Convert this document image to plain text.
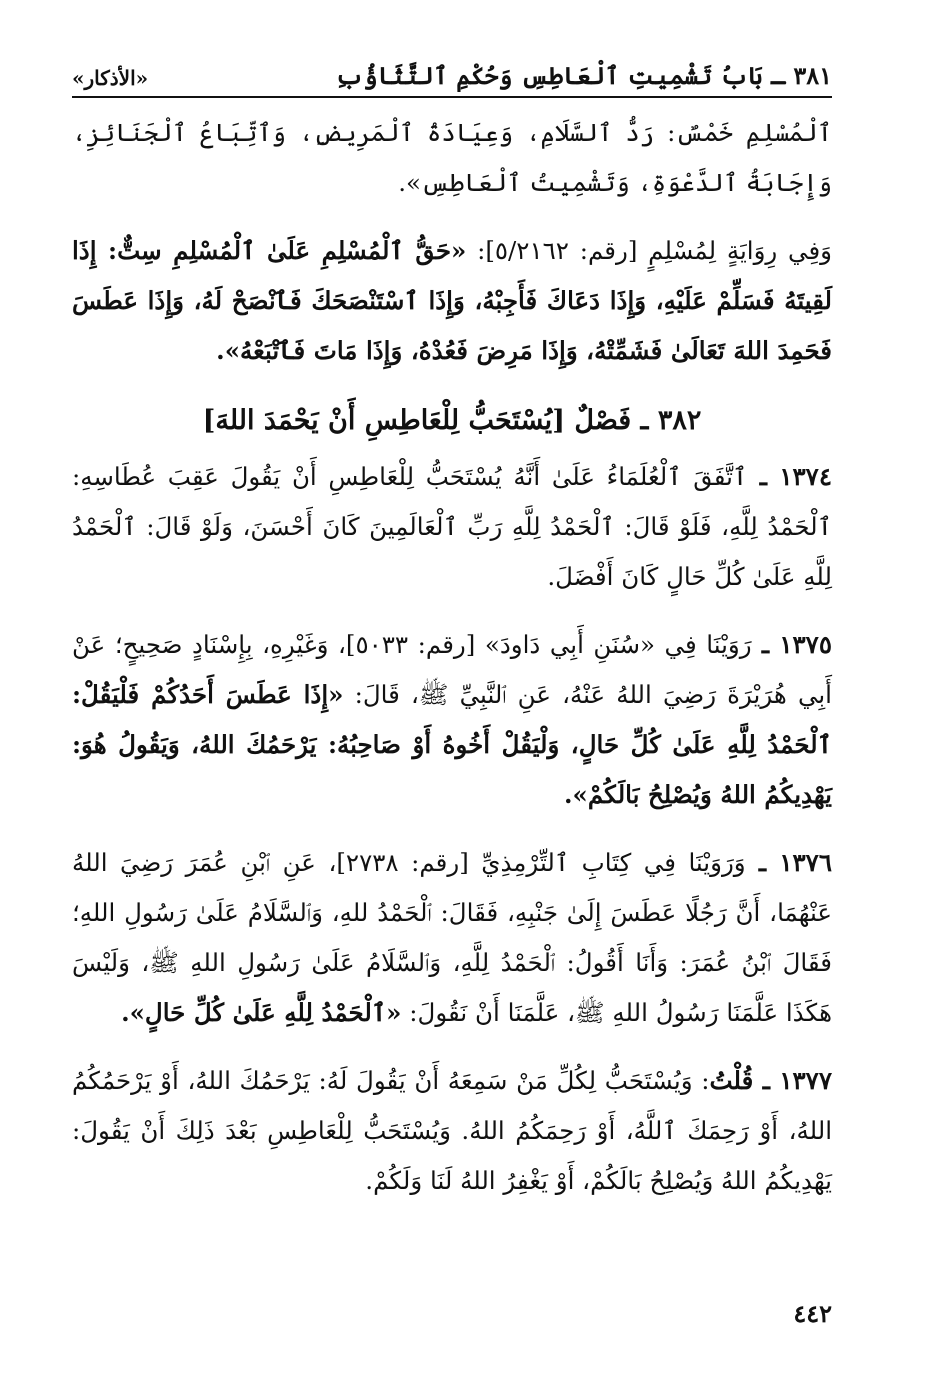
٣٨١ ـ بَابُ تَشْمِيتِ ٱلْعَاطِسِ وَحُكْمِ ٱلتَّثَاؤُبِ
«الأذكار»

ٱلْمُسْلِمِ خَمْسٌ: رَدُّ ٱلسَّلَامِ، وَعِيَادَةُ ٱلْمَرِيضِ، وَٱتِّبَاعُ ٱلْجَنَائِزِ، وَإِجَابَةُ ٱلدَّعْوَةِ، وَتَشْمِيتُ ٱلْعَاطِسِ».

وَفِي رِوَايَةٍ لِمُسْلِمٍ [رقم: ٥/٢١٦٢]: «حَقُّ ٱلْمُسْلِمِ عَلَىٰ ٱلْمُسْلِمِ سِتٌّ: إِذَا لَقِيتَهُ فَسَلِّمْ عَلَيْهِ، وَإِذَا دَعَاكَ فَأَجِبْهُ، وَإِذَا ٱسْتَنْصَحَكَ فَٱنْصَحْ لَهُ، وَإِذَا عَطَسَ فَحَمِدَ اللهَ تَعَالَىٰ فَشَمِّتْهُ، وَإِذَا مَرِضَ فَعُدْهُ، وَإِذَا مَاتَ فَٱتْبَعْهُ».

٣٨٢ ـ فَصْلٌ [يُسْتَحَبُّ لِلْعَاطِسِ أَنْ يَحْمَدَ اللهَ]

١٣٧٤ ـ ٱتَّفَقَ ٱلْعُلَمَاءُ عَلَىٰ أَنَّهُ يُسْتَحَبُّ لِلْعَاطِسِ أَنْ يَقُولَ عَقِبَ عُطَاسِهِ: ٱلْحَمْدُ لِلَّهِ، فَلَوْ قَالَ: ٱلْحَمْدُ لِلَّهِ رَبِّ ٱلْعَالَمِينَ كَانَ أَحْسَنَ، وَلَوْ قَالَ: ٱلْحَمْدُ لِلَّهِ عَلَىٰ كُلِّ حَالٍ كَانَ أَفْضَلَ.

١٣٧٥ ـ رَوَيْنَا فِي «سُنَنِ أَبِي دَاودَ» [رقم: ٥٠٣٣]، وَغَيْرِهِ، بِإِسْنَادٍ صَحِيحٍ؛ عَنْ أَبِي هُرَيْرَةَ رَضِيَ اللهُ عَنْهُ، عَنِ ٱلنَّبِيِّ ﷺ، قَالَ: «إِذَا عَطَسَ أَحَدُكُمْ فَلْيَقُلْ: ٱلْحَمْدُ لِلَّهِ عَلَىٰ كُلِّ حَالٍ، وَلْيَقُلْ أَخُوهُ أَوْ صَاحِبُهُ: يَرْحَمُكَ اللهُ، وَيَقُولُ هُوَ: يَهْدِيكُمُ اللهُ وَيُصْلِحُ بَالَكُمْ».

١٣٧٦ ـ وَرَوَيْنَا فِي كِتَابِ ٱلتِّرْمِذِيِّ [رقم: ٢٧٣٨]، عَنِ ٱبْنِ عُمَرَ رَضِيَ اللهُ عَنْهُمَا، أَنَّ رَجُلًا عَطَسَ إِلَىٰ جَنْبِهِ، فَقَالَ: ٱلْحَمْدُ للهِ، وَٱلسَّلَامُ عَلَىٰ رَسُولِ اللهِ؛ فَقَالَ ٱبْنُ عُمَرَ: وَأَنَا أَقُولُ: ٱلْحَمْدُ لِلَّهِ، وَٱلسَّلَامُ عَلَىٰ رَسُولِ اللهِ ﷺ، وَلَيْسَ هَكَذَا عَلَّمَنَا رَسُولُ اللهِ ﷺ، عَلَّمَنَا أَنْ نَقُولَ: «ٱلْحَمْدُ لِلَّهِ عَلَىٰ كُلِّ حَالٍ».

١٣٧٧ ـ قُلْتُ: وَيُسْتَحَبُّ لِكُلِّ مَنْ سَمِعَهُ أَنْ يَقُولَ لَهُ: يَرْحَمُكَ اللهُ، أَوْ يَرْحَمُكُمُ اللهُ، أَوْ رَحِمَكَ ٱللَّهُ، أَوْ رَحِمَكُمُ اللهُ. وَيُسْتَحَبُّ لِلْعَاطِسِ بَعْدَ ذَلِكَ أَنْ يَقُولَ: يَهْدِيكُمُ اللهُ وَيُصْلِحُ بَالَكُمْ، أَوْ يَغْفِرُ اللهُ لَنَا وَلَكُمْ.

٤٤٢
